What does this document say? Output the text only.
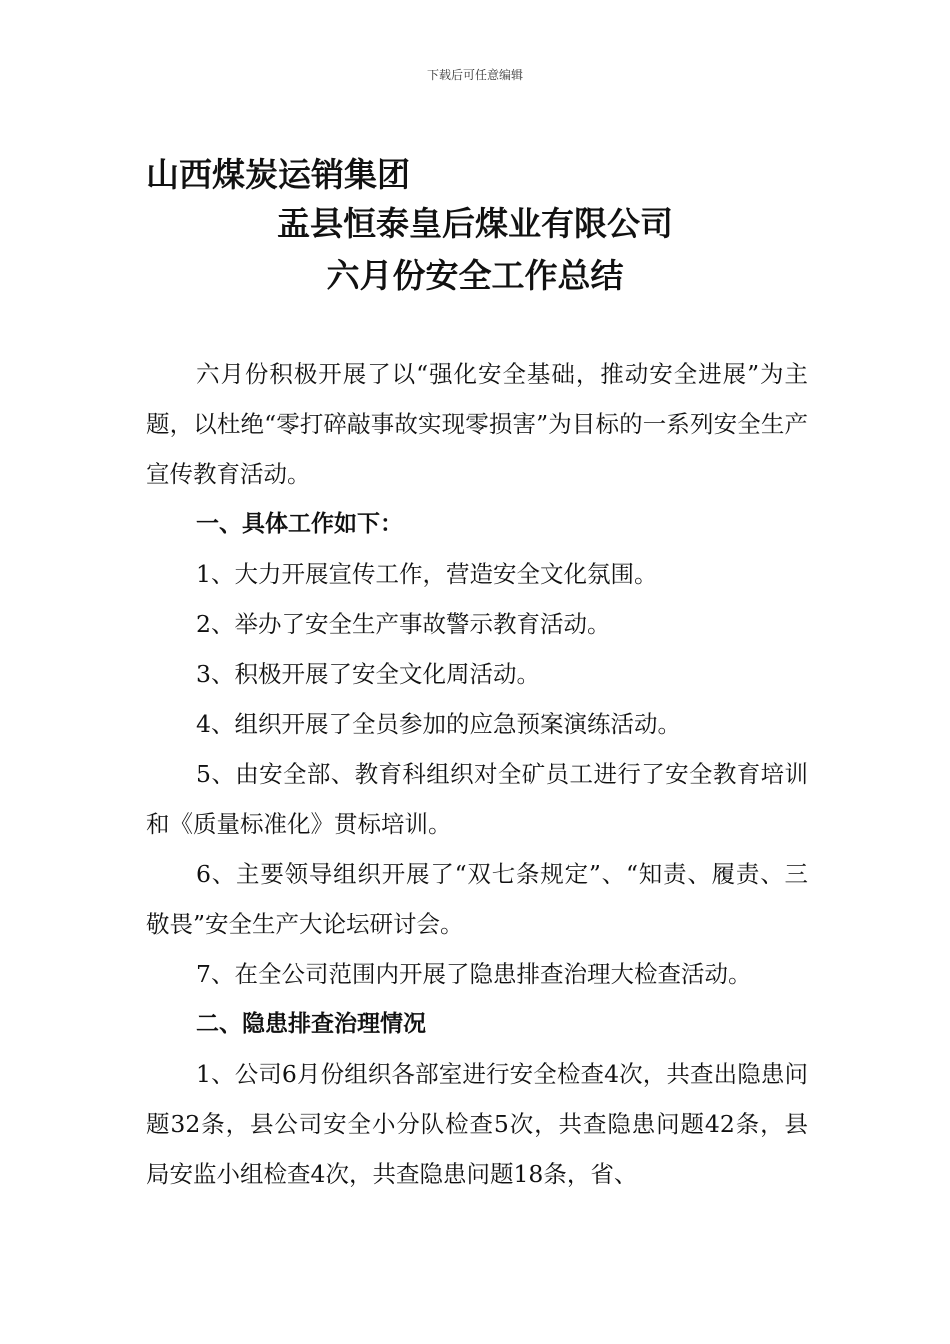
下载后可任意编辑
山西煤炭运销集团
盂县恒泰皇后煤业有限公司
六月份安全工作总结

六月份积极开展了以“强化安全基础，推动安全进展”为主题，以杜绝“零打碎敲事故实现零损害”为目标的一系列安全生产宣传教育活动。

一、具体工作如下：

1、大力开展宣传工作，营造安全文化氛围。

2、举办了安全生产事故警示教育活动。

3、积极开展了安全文化周活动。

4、组织开展了全员参加的应急预案演练活动。

5、由安全部、教育科组织对全矿员工进行了安全教育培训和《质量标准化》贯标培训。

6、主要领导组织开展了“双七条规定”、“知责、履责、三敬畏”安全生产大论坛研讨会。

7、在全公司范围内开展了隐患排查治理大检查活动。

二、隐患排查治理情况

1、公司6月份组织各部室进行安全检查4次，共查出隐患问题32条，县公司安全小分队检查5次，共查隐患问题42条，县局安监小组检查4次，共查隐患问题18条，省、
